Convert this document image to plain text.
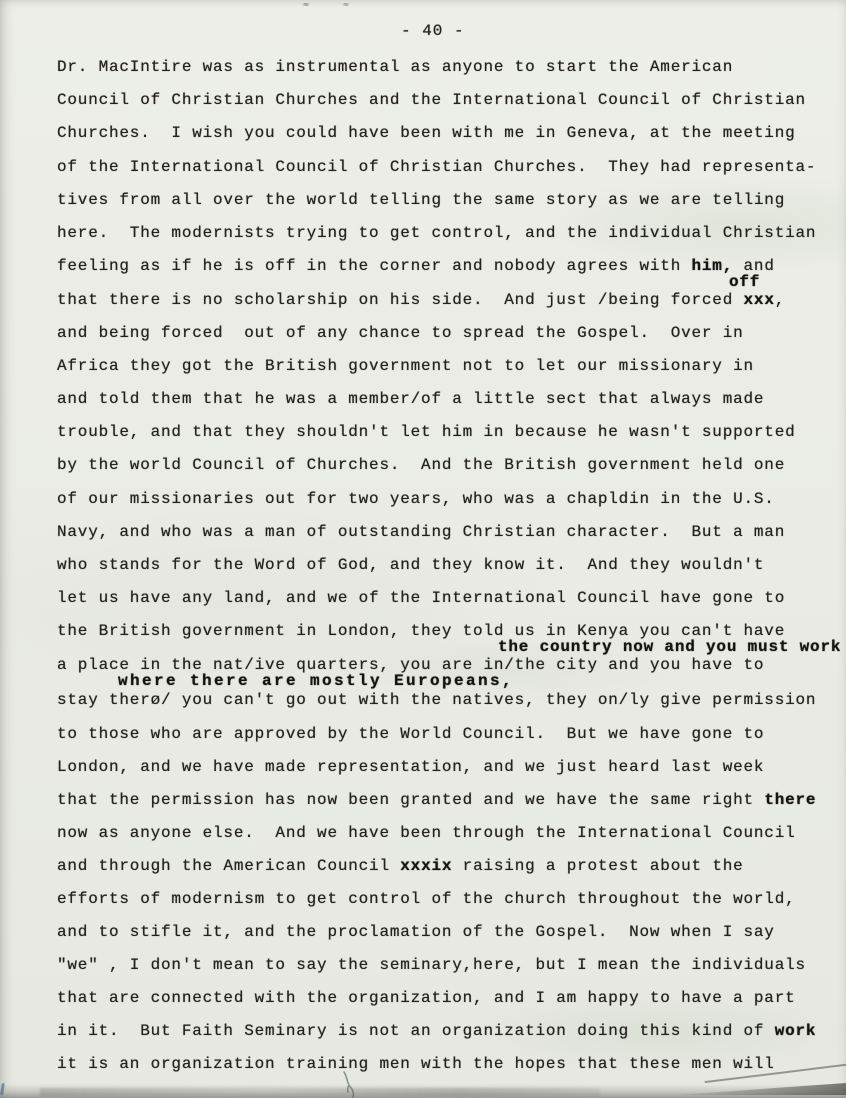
- 40 -
Dr. MacIntire was as instrumental as anyone to start the American
Council of Christian Churches and the International Council of Christian
Churches.  I wish you could have been with me in Geneva, at the meeting
of the International Council of Christian Churches.  They had representa-
tives from all over the world telling the same story as we are telling
here.  The modernists trying to get control, and the individual Christian
feeling as if he is off in the corner and nobody agrees with him, and
off
that there is no scholarship on his side.  And just /being forced xxx,
and being forced  out of any chance to spread the Gospel.  Over in
Africa they got the British government not to let our missionary in
and told them that he was a member/of a little sect that always made
trouble, and that they shouldn't let him in because he wasn't supported
by the world Council of Churches.  And the British government held one
of our missionaries out for two years, who was a chapldin in the U.S.
Navy, and who was a man of outstanding Christian character.  But a man
who stands for the Word of God, and they know it.  And they wouldn't
let us have any land, and we of the International Council have gone to
the British government in London, they told us in Kenya you can't have
the country now and you must work
a place in the nat/ive quarters, you are in/the city and you have to
where there are mostly Europeans,
stay therø/ you can't go out with the natives, they on/ly give permission
to those who are approved by the World Council.  But we have gone to
London, and we have made representation, and we just heard last week
that the permission has now been granted and we have the same right there
now as anyone else.  And we have been through the International Council
and through the American Council xxxix raising a protest about the
efforts of modernism to get control of the church throughout the world,
and to stifle it, and the proclamation of the Gospel.  Now when I say
"we" , I don't mean to say the seminary,here, but I mean the individuals
that are connected with the organization, and I am happy to have a part
in it.  But Faith Seminary is not an organization doing this kind of work
it is an organization training men with the hopes that these men will
